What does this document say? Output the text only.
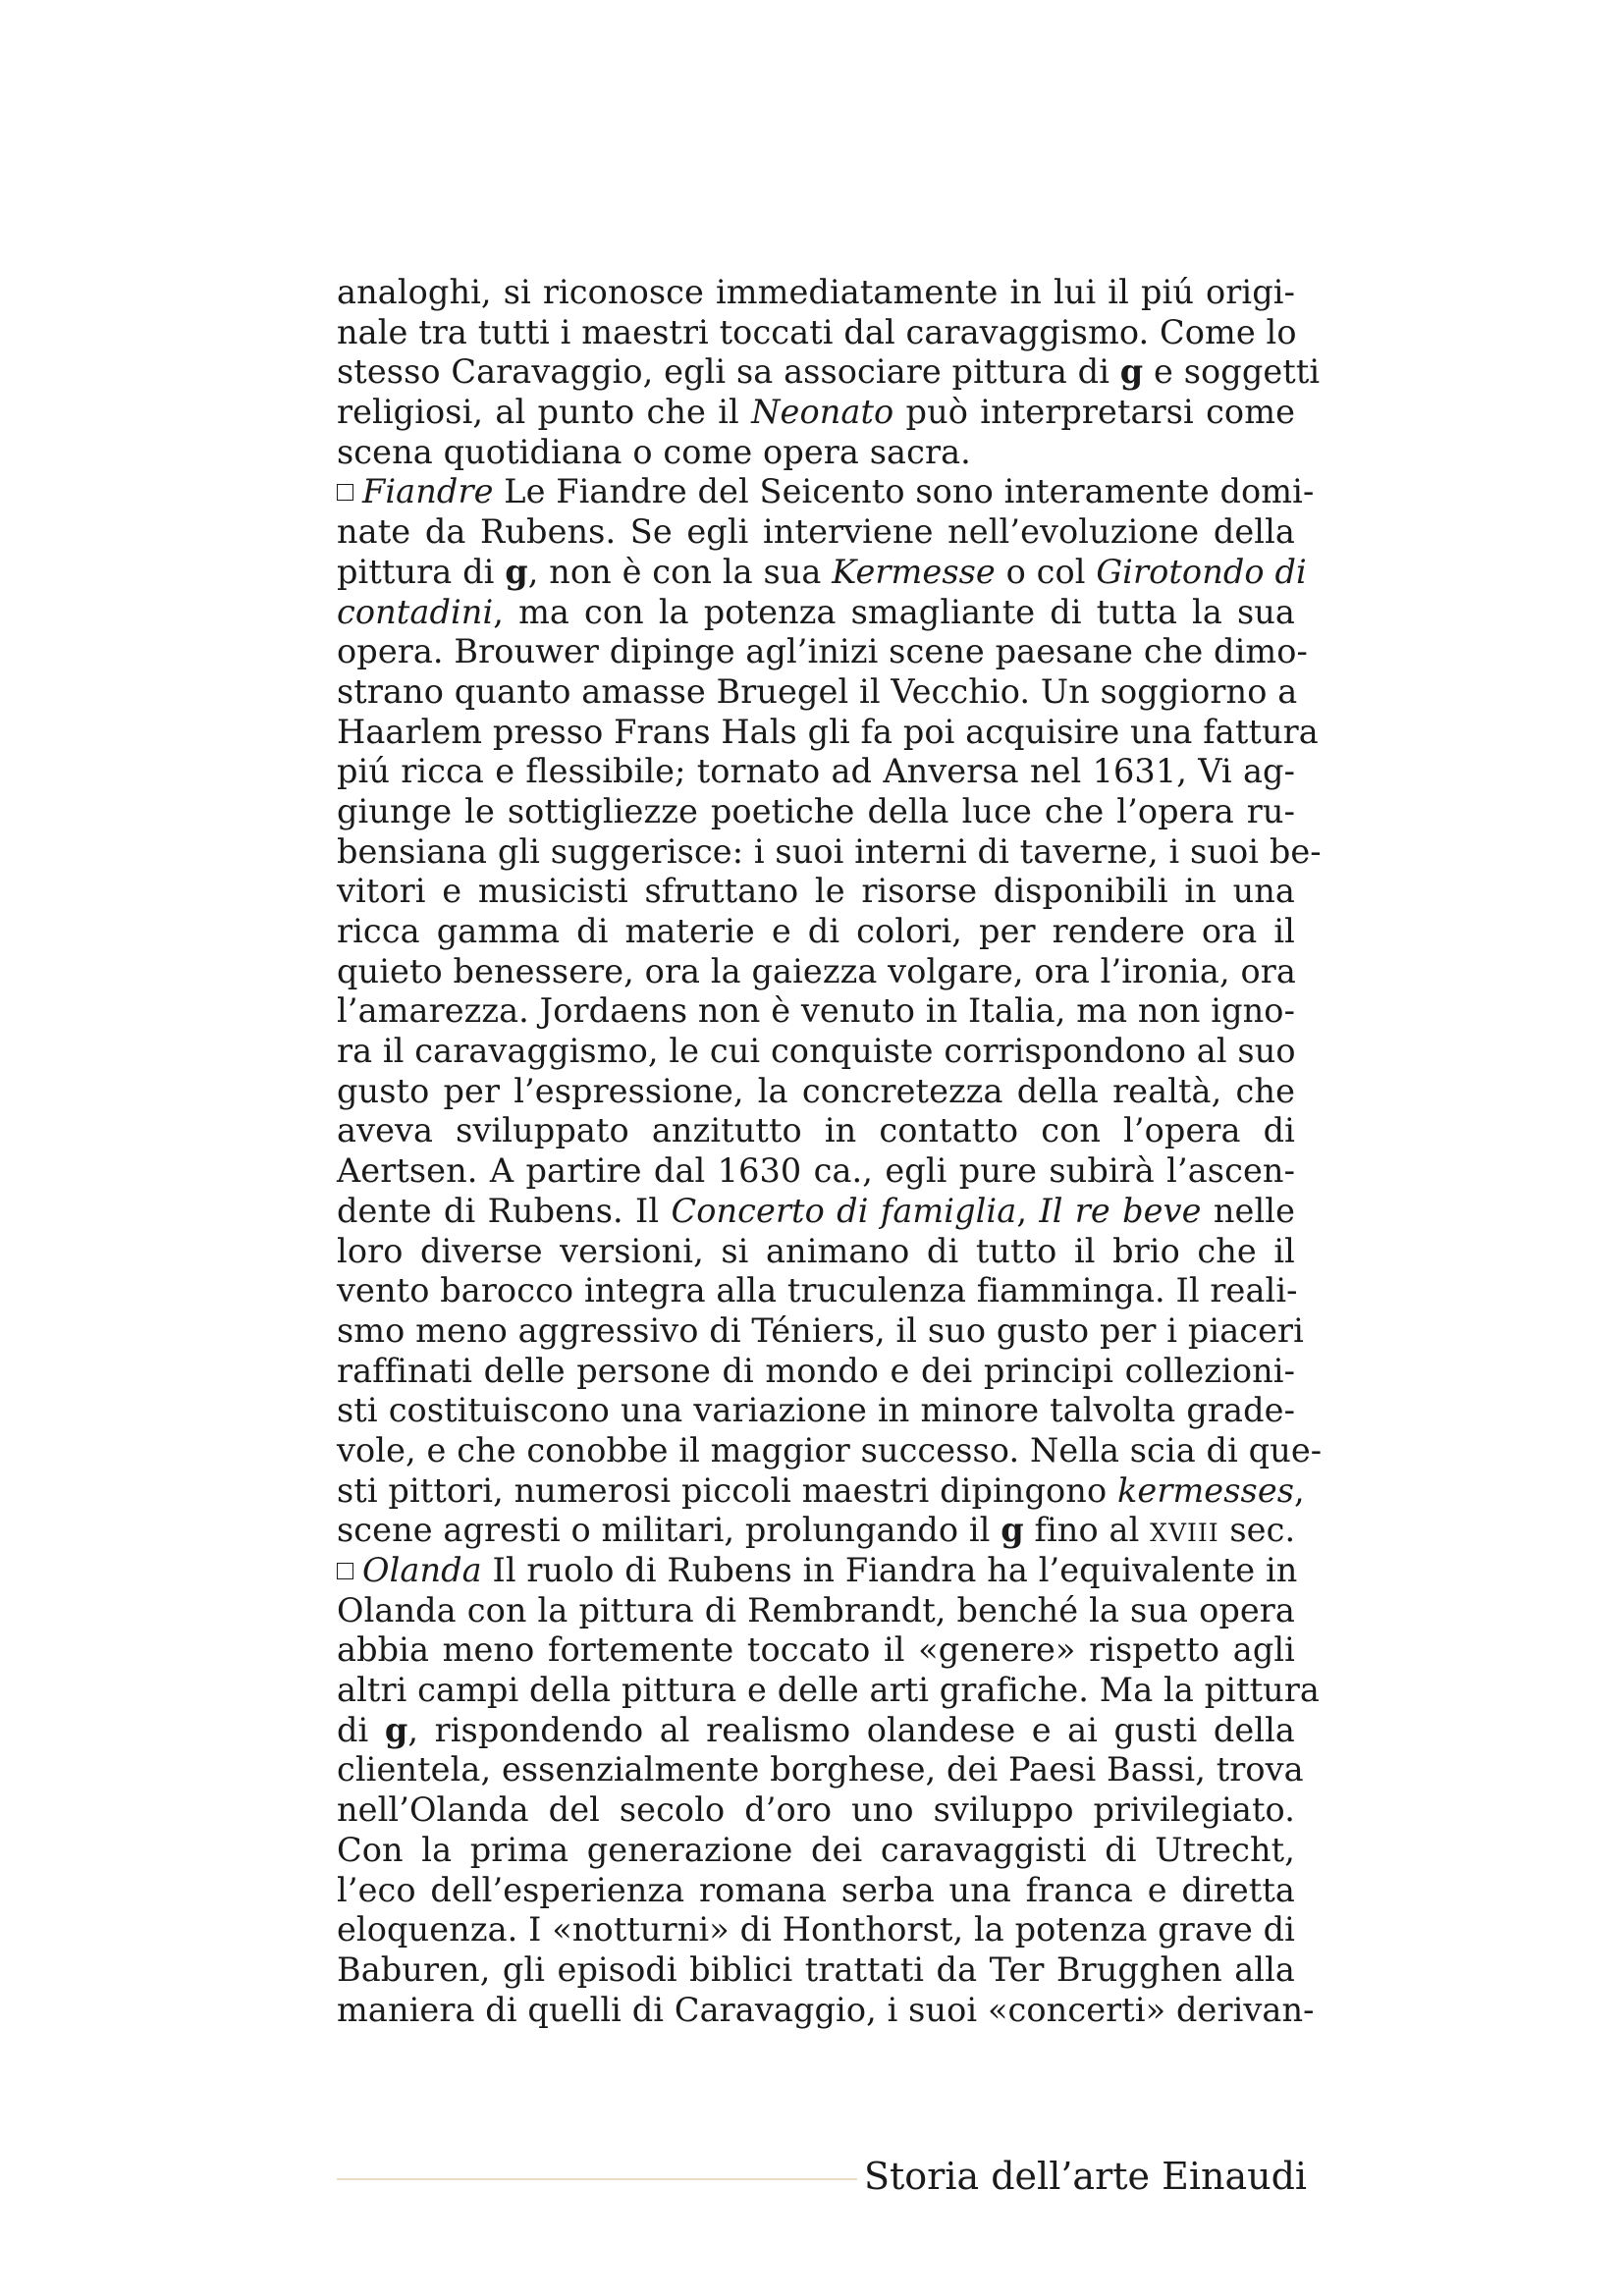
analoghi, si riconosce immediatamente in lui il piú origi-
nale tra tutti i maestri toccati dal caravaggismo. Come lo
stesso Caravaggio, egli sa associare pittura di g e soggetti
religiosi, al punto che il Neonato può interpretarsi come
scena quotidiana o come opera sacra.
Fiandre Le Fiandre del Seicento sono interamente domi-
nate da Rubens. Se egli interviene nell’evoluzione della
pittura di g, non è con la sua Kermesse o col Girotondo di
contadini, ma con la potenza smagliante di tutta la sua
opera. Brouwer dipinge agl’inizi scene paesane che dimo-
strano quanto amasse Bruegel il Vecchio. Un soggiorno a
Haarlem presso Frans Hals gli fa poi acquisire una fattura
piú ricca e flessibile; tornato ad Anversa nel 1631, Vi ag-
giunge le sottigliezze poetiche della luce che l’opera ru-
bensiana gli suggerisce: i suoi interni di taverne, i suoi be-
vitori e musicisti sfruttano le risorse disponibili in una
ricca gamma di materie e di colori, per rendere ora il
quieto benessere, ora la gaiezza volgare, ora l’ironia, ora
l’amarezza. Jordaens non è venuto in Italia, ma non igno-
ra il caravaggismo, le cui conquiste corrispondono al suo
gusto per l’espressione, la concretezza della realtà, che
aveva sviluppato anzitutto in contatto con l’opera di
Aertsen. A partire dal 1630 ca., egli pure subirà l’ascen-
dente di Rubens. Il Concerto di famiglia, Il re beve nelle
loro diverse versioni, si animano di tutto il brio che il
vento barocco integra alla truculenza fiamminga. Il reali-
smo meno aggressivo di Téniers, il suo gusto per i piaceri
raffinati delle persone di mondo e dei principi collezioni-
sti costituiscono una variazione in minore talvolta grade-
vole, e che conobbe il maggior successo. Nella scia di que-
sti pittori, numerosi piccoli maestri dipingono kermesses,
scene agresti o militari, prolungando il g fino al XVIII sec.
Olanda Il ruolo di Rubens in Fiandra ha l’equivalente in
Olanda con la pittura di Rembrandt, benché la sua opera
abbia meno fortemente toccato il «genere» rispetto agli
altri campi della pittura e delle arti grafiche. Ma la pittura
di g, rispondendo al realismo olandese e ai gusti della
clientela, essenzialmente borghese, dei Paesi Bassi, trova
nell’Olanda del secolo d’oro uno sviluppo privilegiato.
Con la prima generazione dei caravaggisti di Utrecht,
l’eco dell’esperienza romana serba una franca e diretta
eloquenza. I «notturni» di Honthorst, la potenza grave di
Baburen, gli episodi biblici trattati da Ter Brugghen alla
maniera di quelli di Caravaggio, i suoi «concerti» derivan-
Storia dell’arte Einaudi
